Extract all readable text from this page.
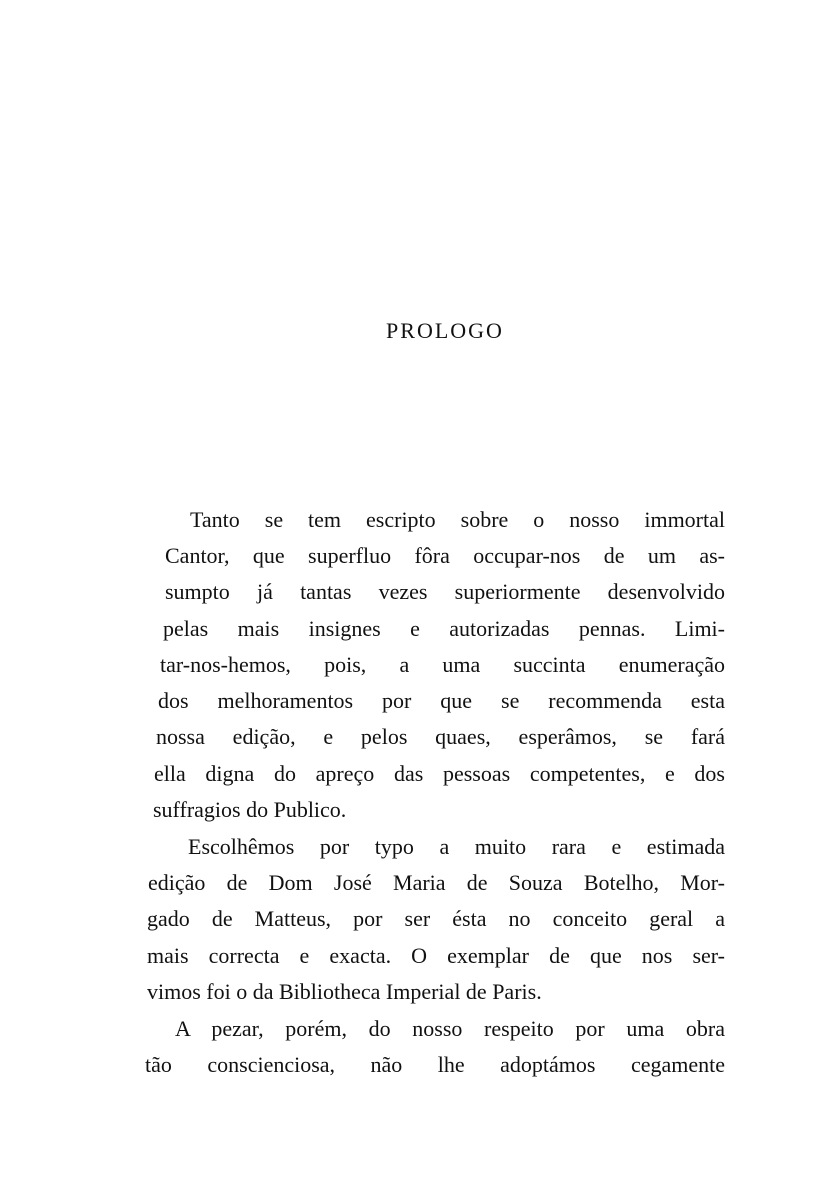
PROLOGO
Tanto se tem escripto sobre o nosso immortal
Cantor, que superfluo fôra occupar-nos de um as-
sumpto já tantas vezes superiormente desenvolvido
pelas mais insignes e autorizadas pennas. Limi-
tar-nos-hemos, pois, a uma succinta enumeração
dos melhoramentos por que se recommenda esta
nossa edição, e pelos quaes, esperâmos, se fará
ella digna do apreço das pessoas competentes, e dos
suffragios do Publico.
Escolhêmos por typo a muito rara e estimada
edição de Dom José Maria de Souza Botelho, Mor-
gado de Matteus, por ser ésta no conceito geral a
mais correcta e exacta. O exemplar de que nos ser-
vimos foi o da Bibliotheca Imperial de Paris.
A pezar, porém, do nosso respeito por uma obra
tão conscienciosa, não lhe adoptámos cegamente
